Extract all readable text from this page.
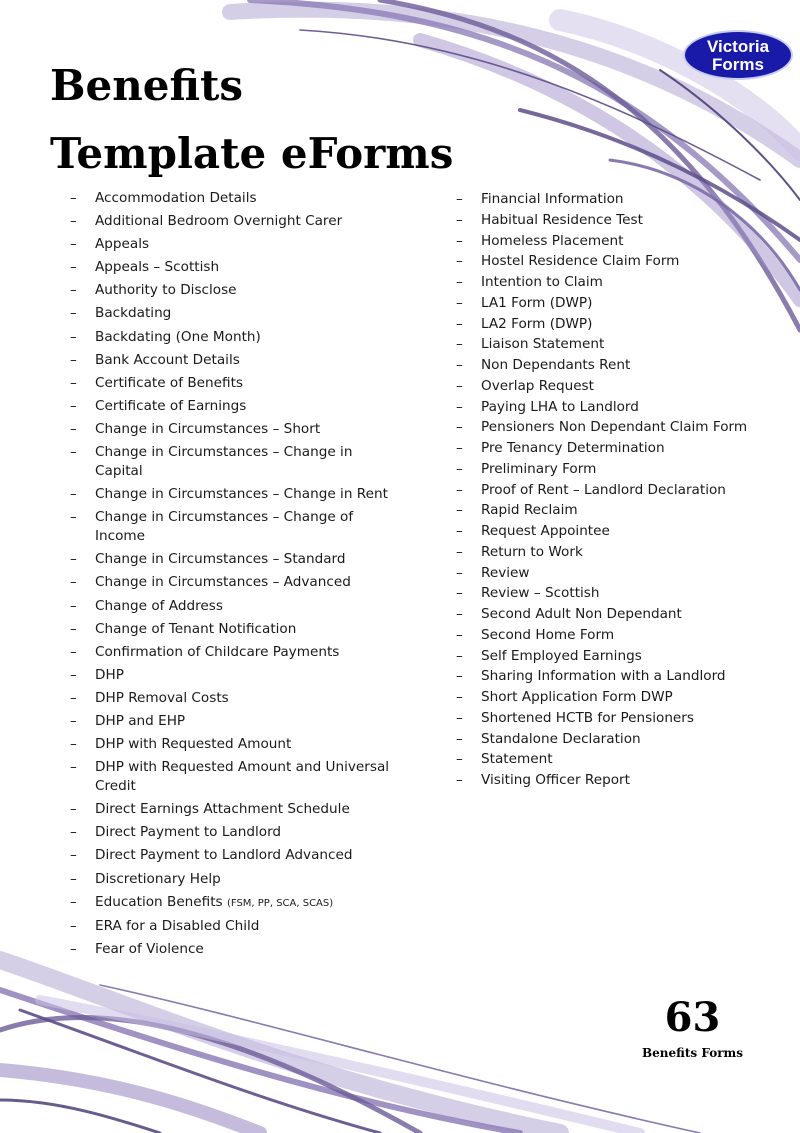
Benefits
Template eForms
Victoria
Forms
– Accommodation Details
– Additional Bedroom Overnight Carer
– Appeals
– Appeals – Scottish
– Authority to Disclose
– Backdating
– Backdating (One Month)
– Bank Account Details
– Certificate of Benefits
– Certificate of Earnings
– Change in Circumstances – Short
– Change in Circumstances – Change in Capital
– Change in Circumstances – Change in Rent
– Change in Circumstances – Change of Income
– Change in Circumstances – Standard
– Change in Circumstances – Advanced
– Change of Address
– Change of Tenant Notification
– Confirmation of Childcare Payments
– DHP
– DHP Removal Costs
– DHP and EHP
– DHP with Requested Amount
– DHP with Requested Amount and Universal Credit
– Direct Earnings Attachment Schedule
– Direct Payment to Landlord
– Direct Payment to Landlord Advanced
– Discretionary Help
– Education Benefits (FSM, PP, SCA, SCAS)
– ERA for a Disabled Child
– Fear of Violence
– Financial Information
– Habitual Residence Test
– Homeless Placement
– Hostel Residence Claim Form
– Intention to Claim
– LA1 Form (DWP)
– LA2 Form (DWP)
– Liaison Statement
– Non Dependants Rent
– Overlap Request
– Paying LHA to Landlord
– Pensioners Non Dependant Claim Form
– Pre Tenancy Determination
– Preliminary Form
– Proof of Rent – Landlord Declaration
– Rapid Reclaim
– Request Appointee
– Return to Work
– Review
– Review – Scottish
– Second Adult Non Dependant
– Second Home Form
– Self Employed Earnings
– Sharing Information with a Landlord
– Short Application Form DWP
– Shortened HCTB for Pensioners
– Standalone Declaration
– Statement
– Visiting Officer Report
63
Benefits Forms
